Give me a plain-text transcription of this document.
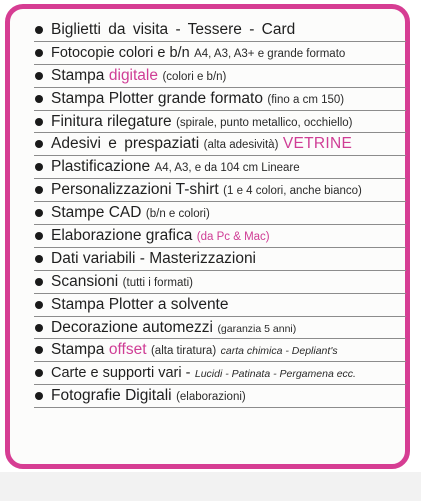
Biglietti da visita - Tessere - Card
Fotocopie colori e b/n A4, A3, A3+ e grande formato
Stampa digitale (colori e b/n)
Stampa Plotter grande formato (fino a cm 150)
Finitura rilegature (spirale, punto metallico, occhiello)
Adesivi e prespaziati (alta adesività) VETRINE
Plastificazione A4, A3, e da 104 cm Lineare
Personalizzazioni T-shirt (1 e 4 colori, anche bianco)
Stampe CAD (b/n e colori)
Elaborazione grafica (da Pc & Mac)
Dati variabili - Masterizzazioni
Scansioni (tutti i formati)
Stampa Plotter a solvente
Decorazione automezzi (garanzia 5 anni)
Stampa offset (alta tiratura) carta chimica - Depliant's
Carte e supporti vari - Lucidi - Patinata - Pergamena ecc.
Fotografie Digitali (elaborazioni)
